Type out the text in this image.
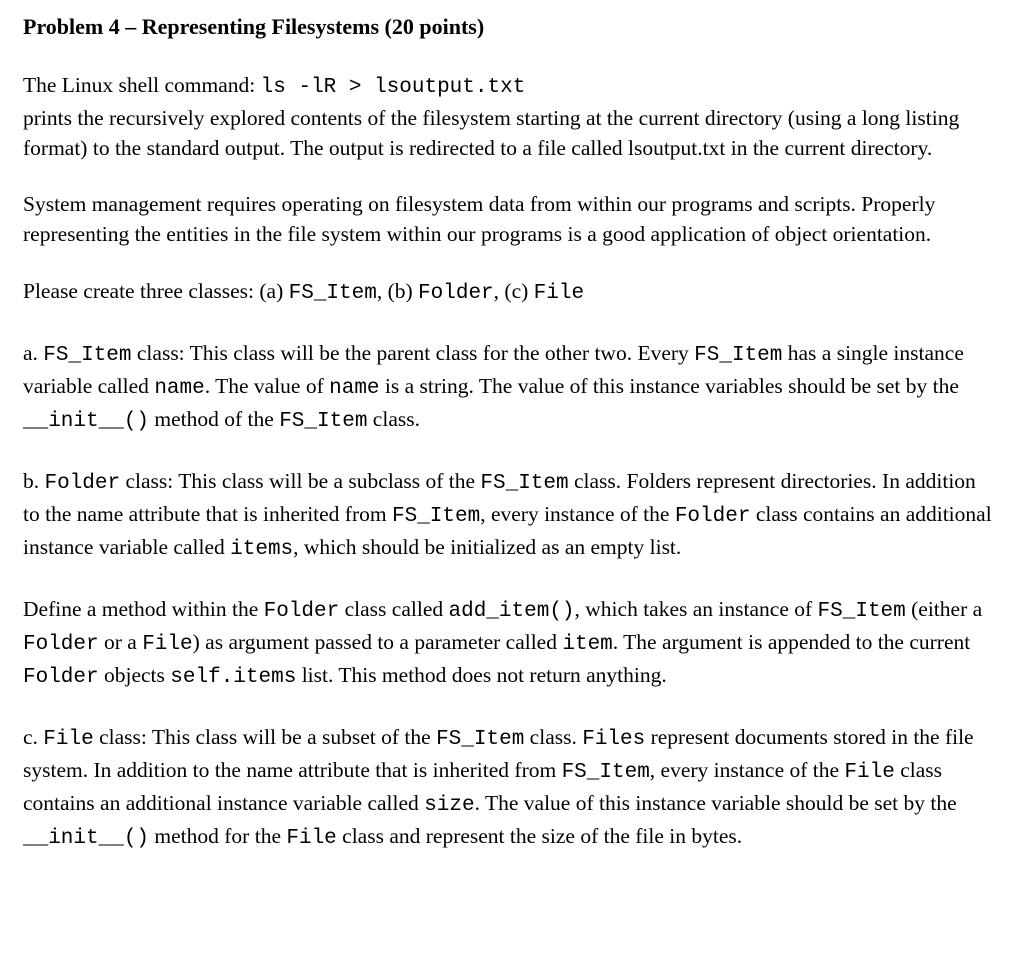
Problem 4 – Representing Filesystems (20 points)

The Linux shell command: ls -lR > lsoutput.txt
prints the recursively explored contents of the filesystem starting at the current directory (using a long listing format) to the standard output. The output is redirected to a file called lsoutput.txt in the current directory.

System management requires operating on filesystem data from within our programs and scripts. Properly representing the entities in the file system within our programs is a good application of object orientation.

Please create three classes: (a) FS_Item, (b) Folder, (c) File

a. FS_Item class: This class will be the parent class for the other two. Every FS_Item has a single instance variable called name. The value of name is a string. The value of this instance variables should be set by the __init__() method of the FS_Item class.

b. Folder class: This class will be a subclass of the FS_Item class. Folders represent directories. In addition to the name attribute that is inherited from FS_Item, every instance of the Folder class contains an additional instance variable called items, which should be initialized as an empty list.

Define a method within the Folder class called add_item(), which takes an instance of FS_Item (either a Folder or a File) as argument passed to a parameter called item. The argument is appended to the current Folder objects self.items list. This method does not return anything.

c. File class: This class will be a subset of the FS_Item class. Files represent documents stored in the file system. In addition to the name attribute that is inherited from FS_Item, every instance of the File class contains an additional instance variable called size. The value of this instance variable should be set by the __init__() method for the File class and represent the size of the file in bytes.
